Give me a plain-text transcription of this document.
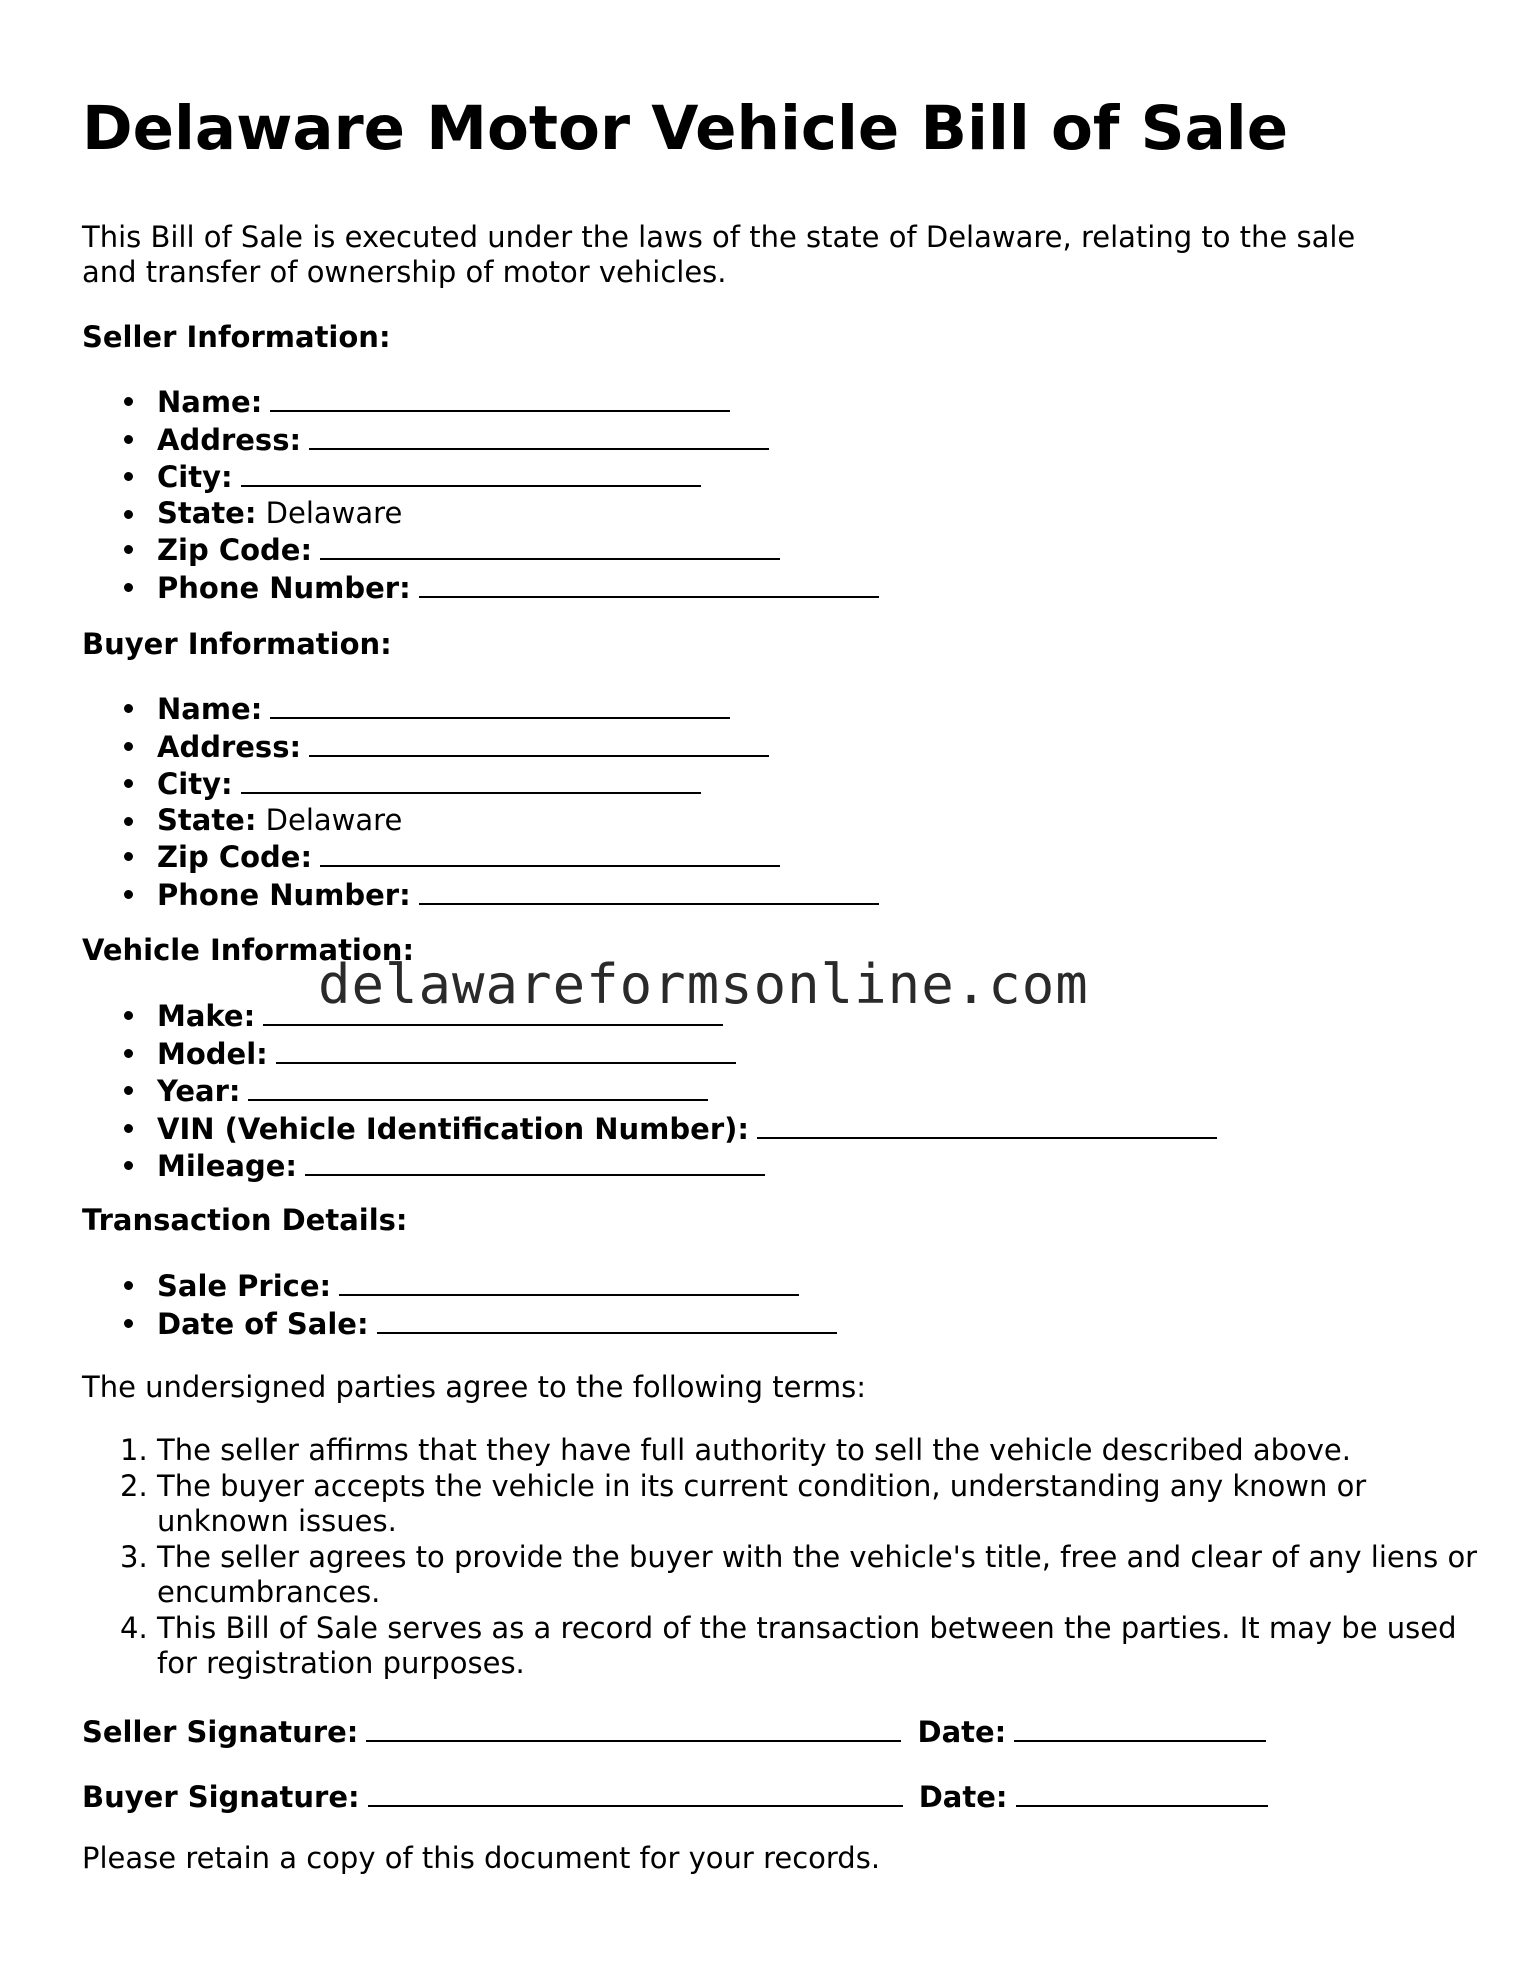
Delaware Motor Vehicle Bill of Sale

This Bill of Sale is executed under the laws of the state of Delaware, relating to the sale

and transfer of ownership of motor vehicles.

Seller Information:

Name:
Address:
City:
State: Delaware
Zip Code:
Phone Number:

Buyer Information:

Name:
Address:
City:
State: Delaware
Zip Code:
Phone Number:

Vehicle Information:

Make:
Model:
Year:
VIN (Vehicle Identification Number):
Mileage:

Transaction Details:

Sale Price:
Date of Sale:

The undersigned parties agree to the following terms:

1. The seller affirms that they have full authority to sell the vehicle described above.
2. The buyer accepts the vehicle in its current condition, understanding any known or unknown issues.
3. The seller agrees to provide the buyer with the vehicle's title, free and clear of any liens or encumbrances.
4. This Bill of Sale serves as a record of the transaction between the parties. It may be used for registration purposes.
Seller Signature:	Date:
Buyer Signature:	Date:

Please retain a copy of this document for your records.

delawareformsonline.com
